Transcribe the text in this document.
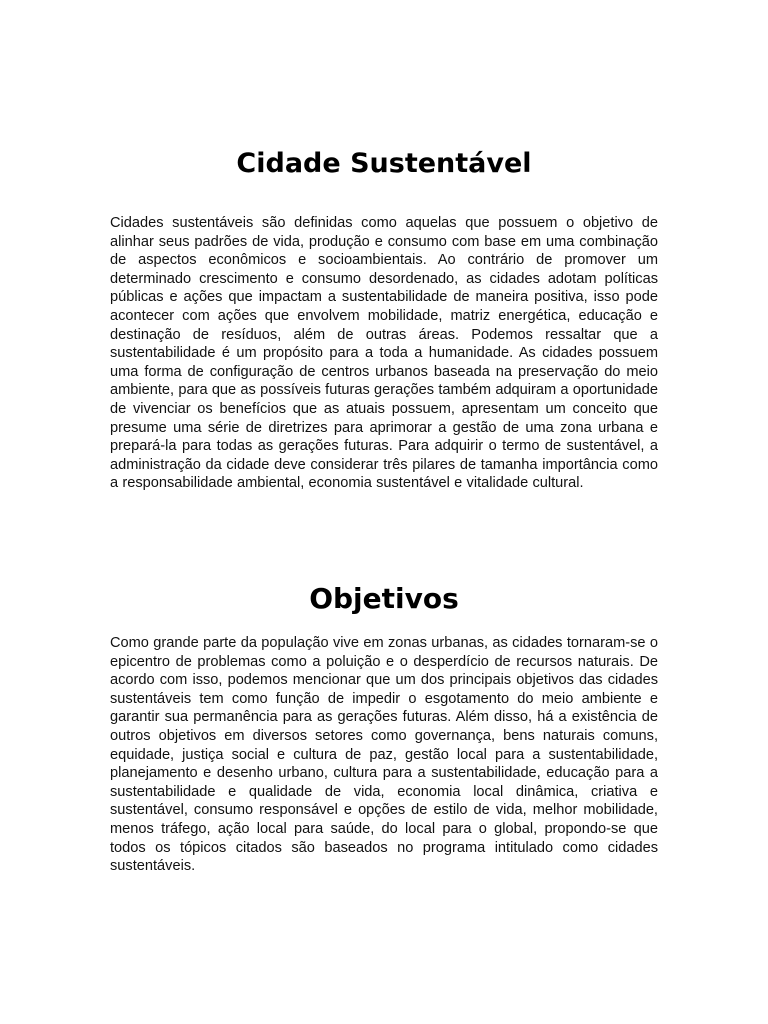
Cidade Sustentável

Cidades sustentáveis são definidas como aquelas que possuem o objetivo de alinhar seus padrões de vida, produção e consumo com base em uma combinação de aspectos econômicos e socioambientais. Ao contrário de promover um determinado crescimento e consumo desordenado, as cidades adotam políticas públicas e ações que impactam a sustentabilidade de maneira positiva, isso pode acontecer com ações que envolvem mobilidade, matriz energética, educação e destinação de resíduos, além de outras áreas. Podemos ressaltar que a sustentabilidade é um propósito para a toda a humanidade. As cidades possuem uma forma de configuração de centros urbanos baseada na preservação do meio ambiente, para que as possíveis futuras gerações também adquiram a oportunidade de vivenciar os benefícios que as atuais possuem, apresentam um conceito que presume uma série de diretrizes para aprimorar a gestão de uma zona urbana e prepará-la para todas as gerações futuras. Para adquirir o termo de sustentável, a administração da cidade deve considerar três pilares de tamanha importância como a responsabilidade ambiental, economia sustentável e vitalidade cultural.

Objetivos

Como grande parte da população vive em zonas urbanas, as cidades tornaram-se o epicentro de problemas como a poluição e o desperdício de recursos naturais. De acordo com isso, podemos mencionar que um dos principais objetivos das cidades sustentáveis tem como função de impedir o esgotamento do meio ambiente e garantir sua permanência para as gerações futuras. Além disso, há a existência de outros objetivos em diversos setores como governança, bens naturais comuns, equidade, justiça social e cultura de paz, gestão local para a sustentabilidade, planejamento e desenho urbano, cultura para a sustentabilidade, educação para a sustentabilidade e qualidade de vida, economia local dinâmica, criativa e sustentável, consumo responsável e opções de estilo de vida, melhor mobilidade, menos tráfego, ação local para saúde, do local para o global, propondo-se que todos os tópicos citados são baseados no programa intitulado como cidades sustentáveis.
